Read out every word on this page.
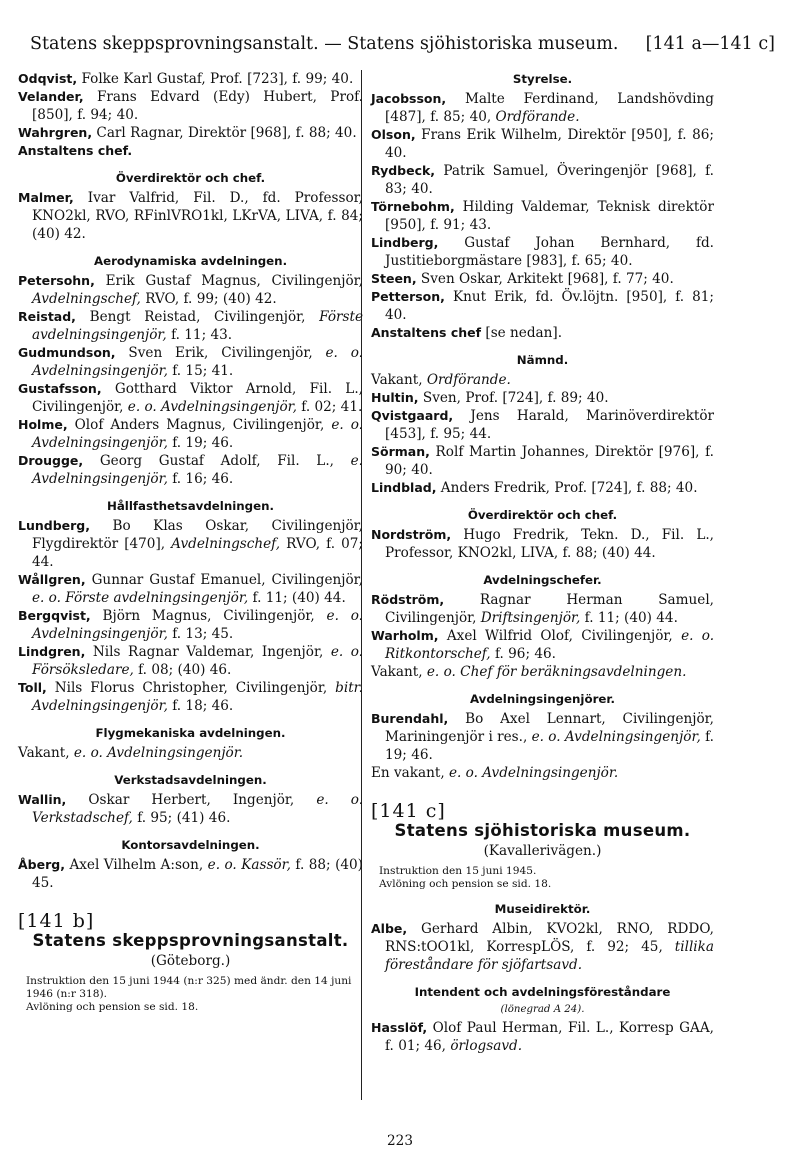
Statens skeppsprovningsanstalt. — Statens sjöhistoriska museum. [141 a—141 c]

Odqvist, Folke Karl Gustaf, Prof. [723], f. 99; 40.

Velander, Frans Edvard (Edy) Hubert, Prof. [850], f. 94; 40.

Wahrgren, Carl Ragnar, Direktör [968], f. 88; 40.

Anstaltens chef.

Överdirektör och chef.

Malmer, Ivar Valfrid, Fil. D., fd. Professor, KNO2kl, RVO, RFinlVRO1kl, LKrVA, LIVA, f. 84; (40) 42.

Aerodynamiska avdelningen.

Petersohn, Erik Gustaf Magnus, Civilingenjör, Avdelningschef, RVO, f. 99; (40) 42.

Reistad, Bengt Reistad, Civilingenjör, Förste avdelningsingenjör, f. 11; 43.

Gudmundson, Sven Erik, Civilingenjör, e. o. Avdelningsingenjör, f. 15; 41.

Gustafsson, Gotthard Viktor Arnold, Fil. L., Civilingenjör, e. o. Avdelningsingenjör, f. 02; 41.

Holme, Olof Anders Magnus, Civilingenjör, e. o. Avdelningsingenjör, f. 19; 46.

Drougge, Georg Gustaf Adolf, Fil. L., e. Avdelningsingenjör, f. 16; 46.

Hållfasthetsavdelningen.

Lundberg, Bo Klas Oskar, Civilingenjör, Flygdirektör [470], Avdelningschef, RVO, f. 07; 44.

Wållgren, Gunnar Gustaf Emanuel, Civilingenjör, e. o. Förste avdelningsingenjör, f. 11; (40) 44.

Bergqvist, Björn Magnus, Civilingenjör, e. o. Avdelningsingenjör, f. 13; 45.

Lindgren, Nils Ragnar Valdemar, Ingenjör, e. o. Försöksledare, f. 08; (40) 46.

Toll, Nils Florus Christopher, Civilingenjör, bitr. Avdelningsingenjör, f. 18; 46.

Flygmekaniska avdelningen.

Vakant, e. o. Avdelningsingenjör.

Verkstadsavdelningen.

Wallin, Oskar Herbert, Ingenjör, e. o. Verkstadschef, f. 95; (41) 46.

Kontorsavdelningen.

Åberg, Axel Vilhelm A:son, e. o. Kassör, f. 88; (40) 45.

[141 b]
Statens skeppsprovningsanstalt.
(Göteborg.)
Instruktion den 15 juni 1944 (n:r 325) med ändr. den 14 juni 1946 (n:r 318).
Avlöning och pension se sid. 18.
Styrelse.

Jacobsson, Malte Ferdinand, Landshövding [487], f. 85; 40, Ordförande.

Olson, Frans Erik Wilhelm, Direktör [950], f. 86; 40.

Rydbeck, Patrik Samuel, Överingenjör [968], f. 83; 40.

Törnebohm, Hilding Valdemar, Teknisk direktör [950], f. 91; 43.

Lindberg, Gustaf Johan Bernhard, fd. Justitieborgmästare [983], f. 65; 40.

Steen, Sven Oskar, Arkitekt [968], f. 77; 40.

Petterson, Knut Erik, fd. Öv.löjtn. [950], f. 81; 40.

Anstaltens chef [se nedan].

Nämnd.

Vakant, Ordförande.

Hultin, Sven, Prof. [724], f. 89; 40.

Qvistgaard, Jens Harald, Marinöverdirektör [453], f. 95; 44.

Sörman, Rolf Martin Johannes, Direktör [976], f. 90; 40.

Lindblad, Anders Fredrik, Prof. [724], f. 88; 40.

Överdirektör och chef.

Nordström, Hugo Fredrik, Tekn. D., Fil. L., Professor, KNO2kl, LIVA, f. 88; (40) 44.

Avdelningschefer.

Rödström,	Ragnar Herman Samuel, Civilingenjör, Driftsingenjör, f. 11; (40) 44.

Warholm, Axel Wilfrid Olof, Civilingenjör, e. o. Ritkontorschef, f. 96; 46.

Vakant, e. o. Chef för beräkningsavdelningen.

Avdelningsingenjörer.

Burendahl, Bo Axel Lennart, Civilingenjör, Mariningenjör i res., e. o. Avdelningsingenjör, f. 19; 46.

En vakant, e. o. Avdelningsingenjör.

[141 c]
Statens sjöhistoriska museum.
(Kavallerivägen.)
Instruktion den 15 juni 1945.
Avlöning och pension se sid. 18.
Museidirektör.

Albe, Gerhard Albin, KVO2kl, RNO, RDDO, RNS:tOO1kl, KorrespLÖS, f. 92; 45, tillika föreståndare för sjöfartsavd.

Intendent och avdelningsföreståndare
(lönegrad A 24).

Hasslöf, Olof Paul Herman, Fil. L., Korresp GAA, f. 01; 46, örlogsavd.

223
